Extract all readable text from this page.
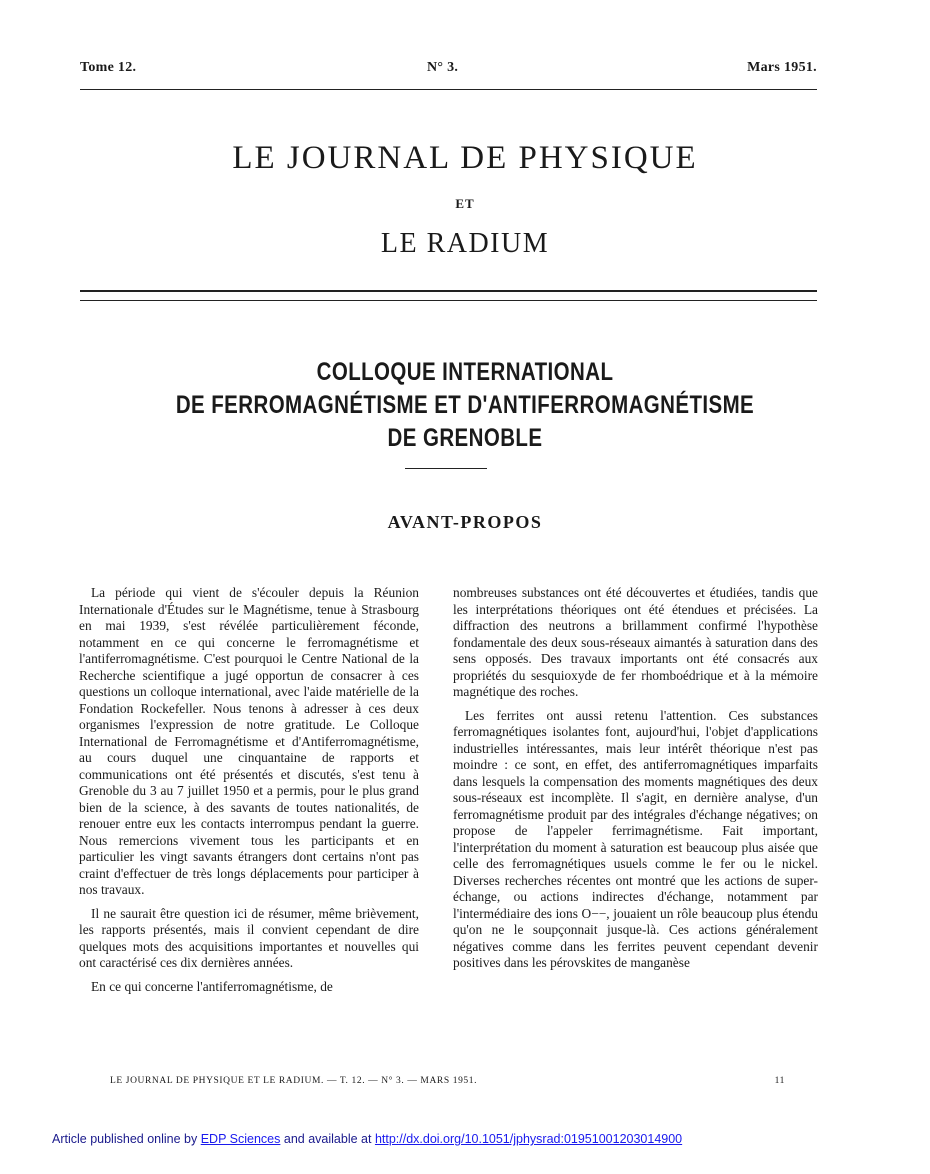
Tome 12.	N° 3.	Mars 1951.
LE JOURNAL DE PHYSIQUE
ET
LE RADIUM
COLLOQUE INTERNATIONAL
DE FERROMAGNÉTISME ET D'ANTIFERROMAGNÉTISME
DE GRENOBLE
AVANT-PROPOS

La période qui vient de s'écouler depuis la Réunion Internationale d'Études sur le Magnétisme, tenue à Strasbourg en mai 1939, s'est révélée particulièrement féconde, notamment en ce qui concerne le ferromagnétisme et l'antiferromagnétisme. C'est pourquoi le Centre National de la Recherche scientifique a jugé opportun de consacrer à ces questions un colloque international, avec l'aide matérielle de la Fondation Rockefeller. Nous tenons à adresser à ces deux organismes l'expression de notre gratitude. Le Colloque International de Ferromagnétisme et d'Antiferromagnétisme, au cours duquel une cinquantaine de rapports et communications ont été présentés et discutés, s'est tenu à Grenoble du 3 au 7 juillet 1950 et a permis, pour le plus grand bien de la science, à des savants de toutes nationalités, de renouer entre eux les contacts interrompus pendant la guerre. Nous remercions vivement tous les participants et en particulier les vingt savants étrangers dont certains n'ont pas craint d'effectuer de très longs déplacements pour participer à nos travaux.

Il ne saurait être question ici de résumer, même brièvement, les rapports présentés, mais il convient cependant de dire quelques mots des acquisitions importantes et nouvelles qui ont caractérisé ces dix dernières années.

En ce qui concerne l'antiferromagnétisme, de

nombreuses substances ont été découvertes et étudiées, tandis que les interprétations théoriques ont été étendues et précisées. La diffraction des neutrons a brillamment confirmé l'hypothèse fondamentale des deux sous-réseaux aimantés à saturation dans des sens opposés. Des travaux importants ont été consacrés aux propriétés du sesquioxyde de fer rhomboédrique et à la mémoire magnétique des roches.

Les ferrites ont aussi retenu l'attention. Ces substances ferromagnétiques isolantes font, aujourd'hui, l'objet d'applications industrielles intéressantes, mais leur intérêt théorique n'est pas moindre : ce sont, en effet, des antiferromagnétiques imparfaits dans lesquels la compensation des moments magnétiques des deux sous-réseaux est incomplète. Il s'agit, en dernière analyse, d'un ferromagnétisme produit par des intégrales d'échange négatives; on propose de l'appeler ferrimagnétisme. Fait important, l'interprétation du moment à saturation est beaucoup plus aisée que celle des ferromagnétiques usuels comme le fer ou le nickel. Diverses recherches récentes ont montré que les actions de super-échange, ou actions indirectes d'échange, notamment par l'intermédiaire des ions O−−, jouaient un rôle beaucoup plus étendu qu'on ne le soupçonnait jusque-là. Ces actions généralement négatives comme dans les ferrites peuvent cependant devenir positives dans les pérovskites de manganèse

LE JOURNAL DE PHYSIQUE ET LE RADIUM. — T. 12. — N° 3. — MARS 1951.	11
Article published online by EDP Sciences and available at http://dx.doi.org/10.1051/jphysrad:01951001203014900
